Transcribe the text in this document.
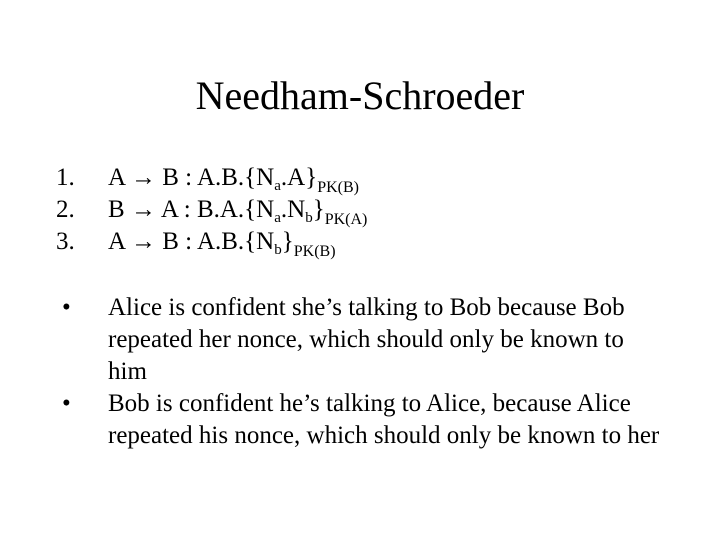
Needham-Schroeder
1.	A → B : $A.B.\{N_a.A\}_{PK(B)}$
2.	B → A : $B.A.\{N_a.N_b\}_{PK(A)}$
3.	A → B : $A.B.\{N_b\}_{PK(B)}$
• Alice is confident she’s talking to Bob because Bob repeated her nonce, which should only be known to him
• Bob is confident he’s talking to Alice, because Alice repeated his nonce, which should only be known to her
